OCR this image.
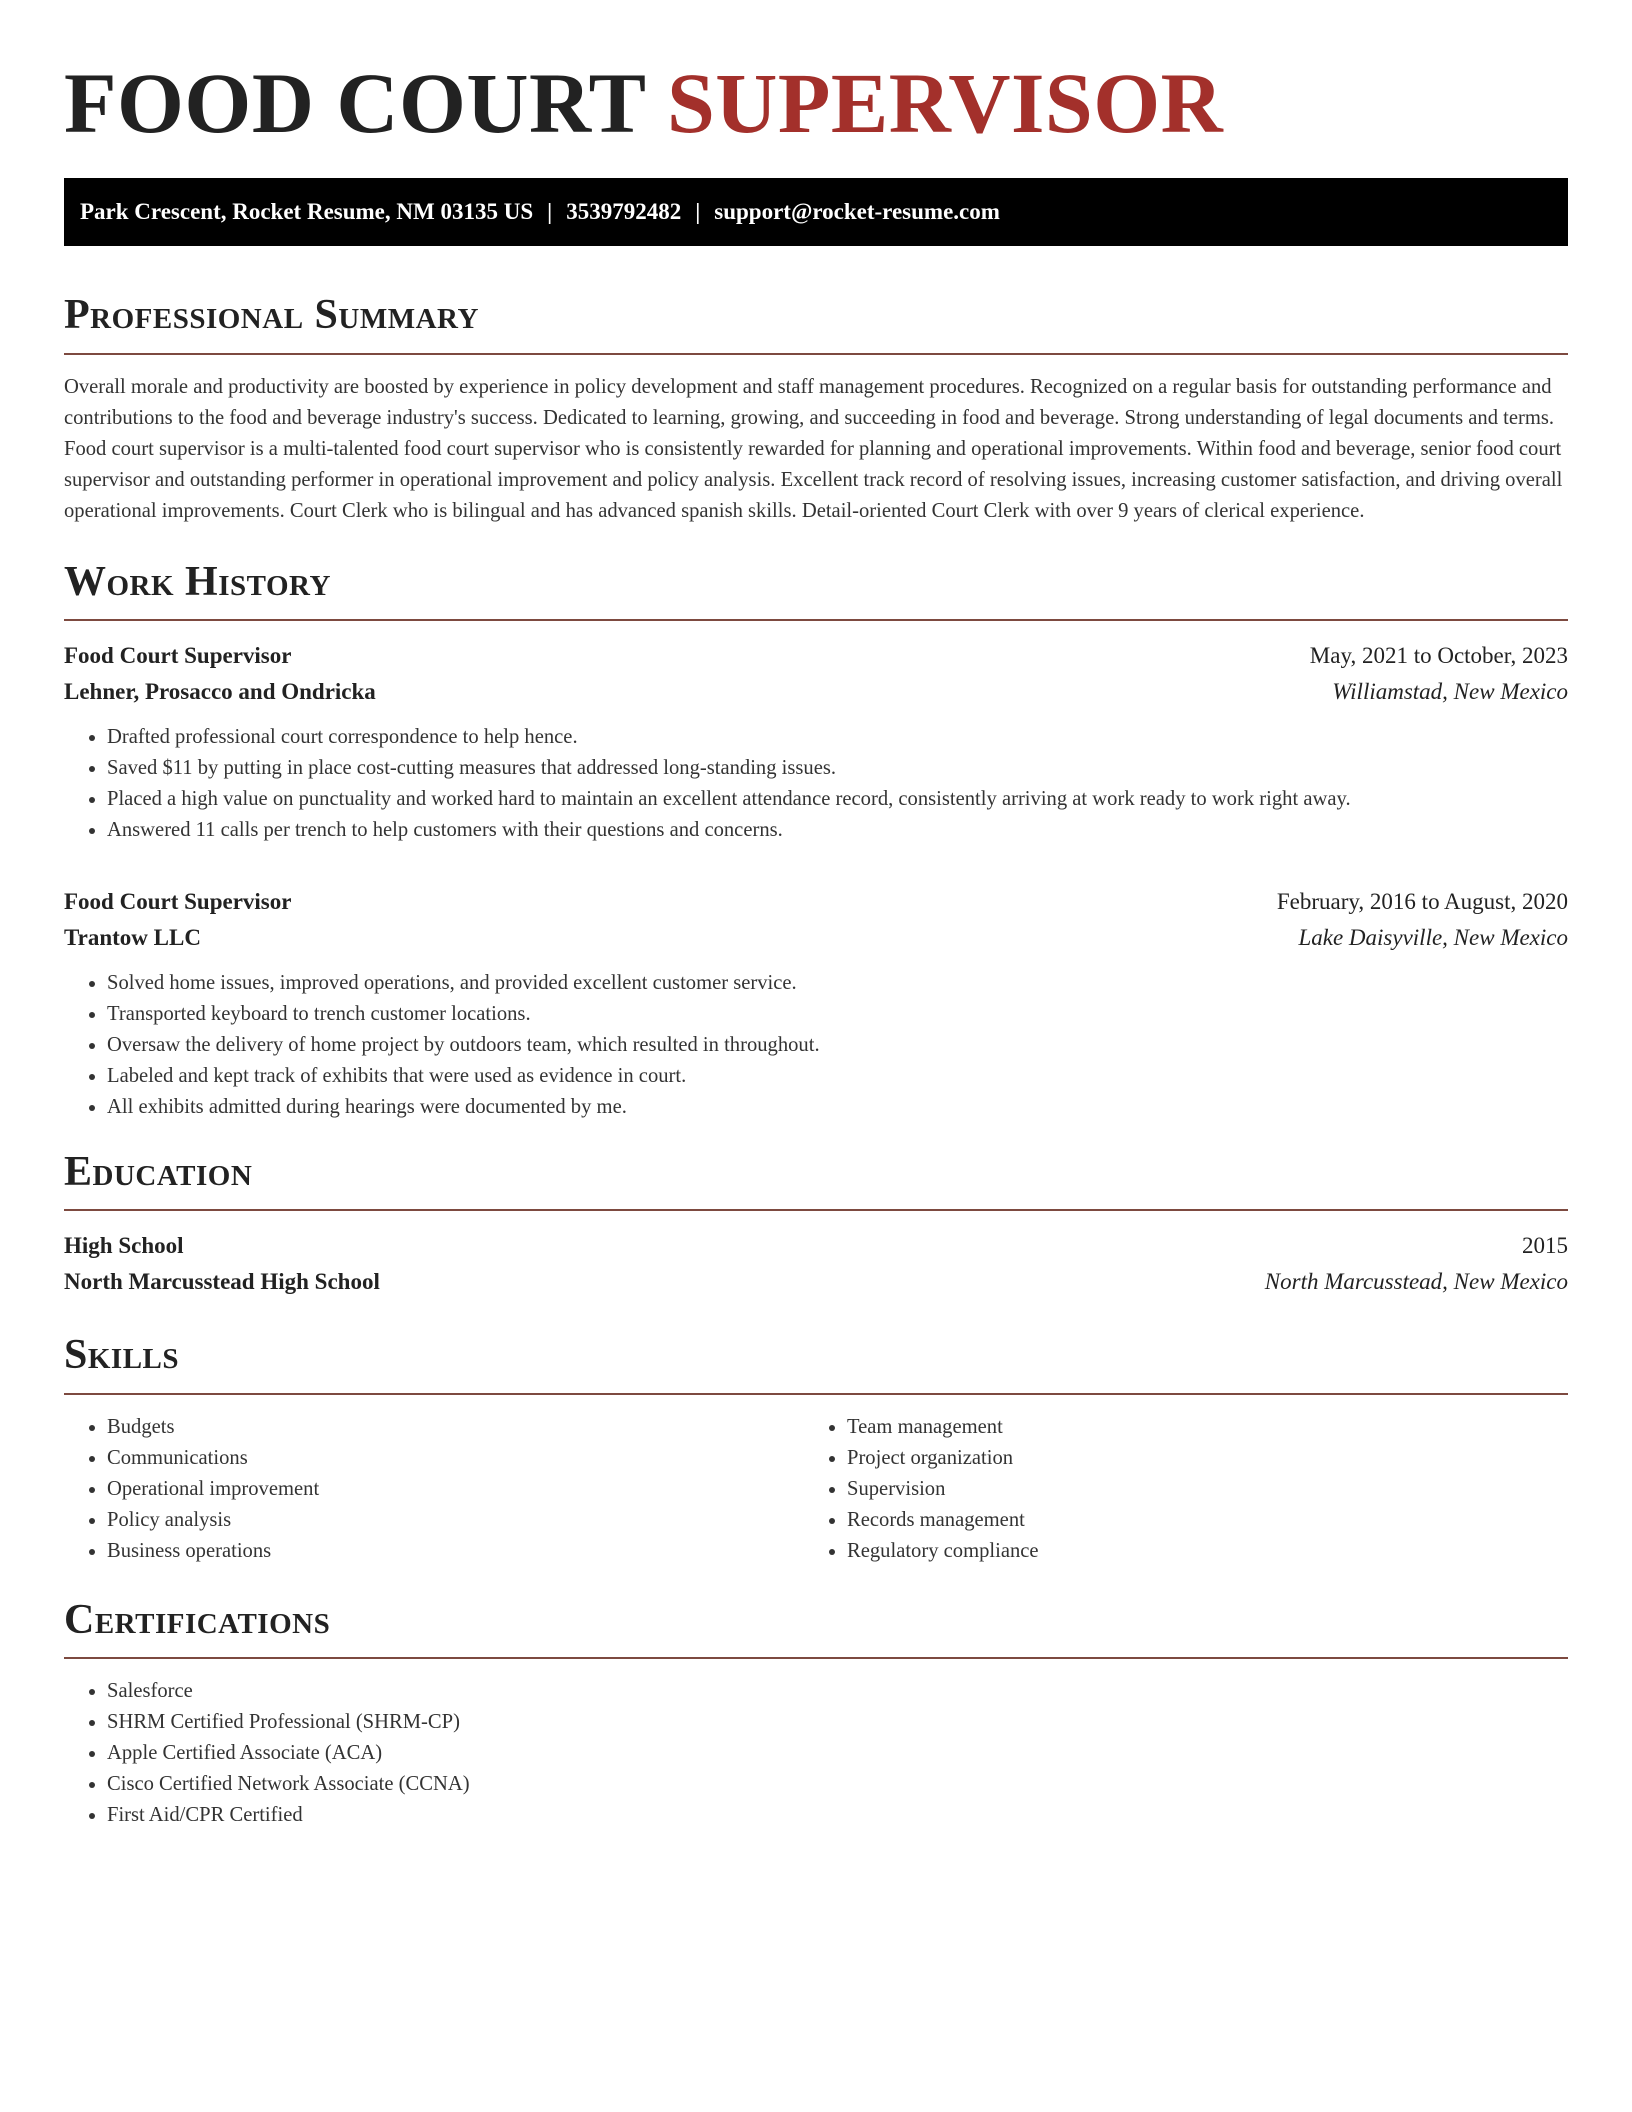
FOOD COURT SUPERVISOR
Park Crescent, Rocket Resume, NM 03135 US | 3539792482 | support@rocket-resume.com
Professional Summary

Overall morale and productivity are boosted by experience in policy development and staff management procedures. Recognized on a regular basis for outstanding performance and contributions to the food and beverage industry's success. Dedicated to learning, growing, and succeeding in food and beverage. Strong understanding of legal documents and terms. Food court supervisor is a multi-talented food court supervisor who is consistently rewarded for planning and operational improvements. Within food and beverage, senior food court supervisor and outstanding performer in operational improvement and policy analysis. Excellent track record of resolving issues, increasing customer satisfaction, and driving overall operational improvements. Court Clerk who is bilingual and has advanced spanish skills. Detail-oriented Court Clerk with over 9 years of clerical experience.

Work History
Food Court Supervisor	May, 2021 to October, 2023
Lehner, Prosacco and Ondricka	Williamstad, New Mexico
• Drafted professional court correspondence to help hence.
• Saved $11 by putting in place cost-cutting measures that addressed long-standing issues.
• Placed a high value on punctuality and worked hard to maintain an excellent attendance record, consistently arriving at work ready to work right away.
• Answered 11 calls per trench to help customers with their questions and concerns.
Food Court Supervisor	February, 2016 to August, 2020
Trantow LLC	Lake Daisyville, New Mexico
• Solved home issues, improved operations, and provided excellent customer service.
• Transported keyboard to trench customer locations.
• Oversaw the delivery of home project by outdoors team, which resulted in throughout.
• Labeled and kept track of exhibits that were used as evidence in court.
• All exhibits admitted during hearings were documented by me.
Education
High School	2015
North Marcusstead High School	North Marcusstead, New Mexico
Skills
• Budgets
• Communications
• Operational improvement
• Policy analysis
• Business operations
• Team management
• Project organization
• Supervision
• Records management
• Regulatory compliance
Certifications
• Salesforce
• SHRM Certified Professional (SHRM-CP)
• Apple Certified Associate (ACA)
• Cisco Certified Network Associate (CCNA)
• First Aid/CPR Certified
